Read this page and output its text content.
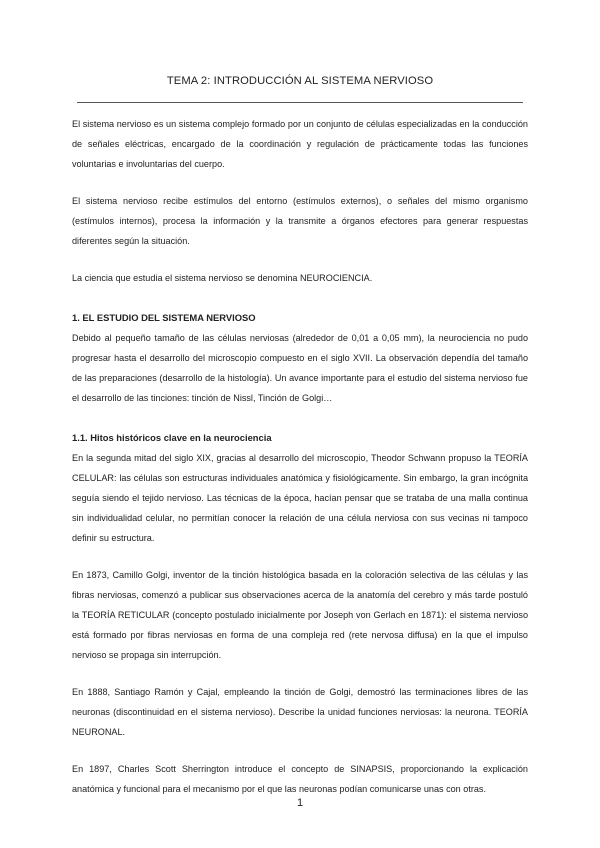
TEMA 2: INTRODUCCIÓN AL SISTEMA NERVIOSO

El sistema nervioso es un sistema complejo formado por un conjunto de células especializadas en la conducción de señales eléctricas, encargado de la coordinación y regulación de prácticamente todas las funciones voluntarias e involuntarias del cuerpo.

El sistema nervioso recibe estímulos del entorno (estímulos externos), o señales del mismo organismo (estímulos internos), procesa la información y la transmite a órganos efectores para generar respuestas diferentes según la situación.

La ciencia que estudia el sistema nervioso se denomina NEUROCIENCIA.

1. EL ESTUDIO DEL SISTEMA NERVIOSO

Debido al pequeño tamaño de las células nerviosas (alrededor de 0,01 a 0,05 mm), la neurociencia no pudo progresar hasta el desarrollo del microscopio compuesto en el siglo XVII. La observación dependía del tamaño de las preparaciones (desarrollo de la histología). Un avance importante para el estudio del sistema nervioso fue el desarrollo de las tinciones: tinción de Nissl, Tinción de Golgi…

1.1. Hitos históricos clave en la neurociencia

En la segunda mitad del siglo XIX, gracias al desarrollo del microscopio, Theodor Schwann propuso la TEORÍA CELULAR: las células son estructuras individuales anatómica y fisiológicamente. Sin embargo, la gran incógnita seguía siendo el tejido nervioso. Las técnicas de la época, hacían pensar que se trataba de una malla continua sin individualidad celular, no permitían conocer la relación de una célula nerviosa con sus vecinas ni tampoco definir su estructura.

En 1873, Camillo Golgi, inventor de la tinción histológica basada en la coloración selectiva de las células y las fibras nerviosas, comenzó a publicar sus observaciones acerca de la anatomía del cerebro y más tarde postuló la TEORÍA RETICULAR (concepto postulado inicialmente por Joseph von Gerlach en 1871): el sistema nervioso está formado por fibras nerviosas en forma de una compleja red (rete nervosa diffusa) en la que el impulso nervioso se propaga sin interrupción.

En 1888, Santiago Ramón y Cajal, empleando la tinción de Golgi, demostró las terminaciones libres de las neuronas (discontinuidad en el sistema nervioso). Describe la unidad funciones nerviosas: la neurona. TEORÍA NEURONAL.

En 1897, Charles Scott Sherrington introduce el concepto de SINAPSIS, proporcionando la explicación anatómica y funcional para el mecanismo por el que las neuronas podían comunicarse unas con otras.

1
